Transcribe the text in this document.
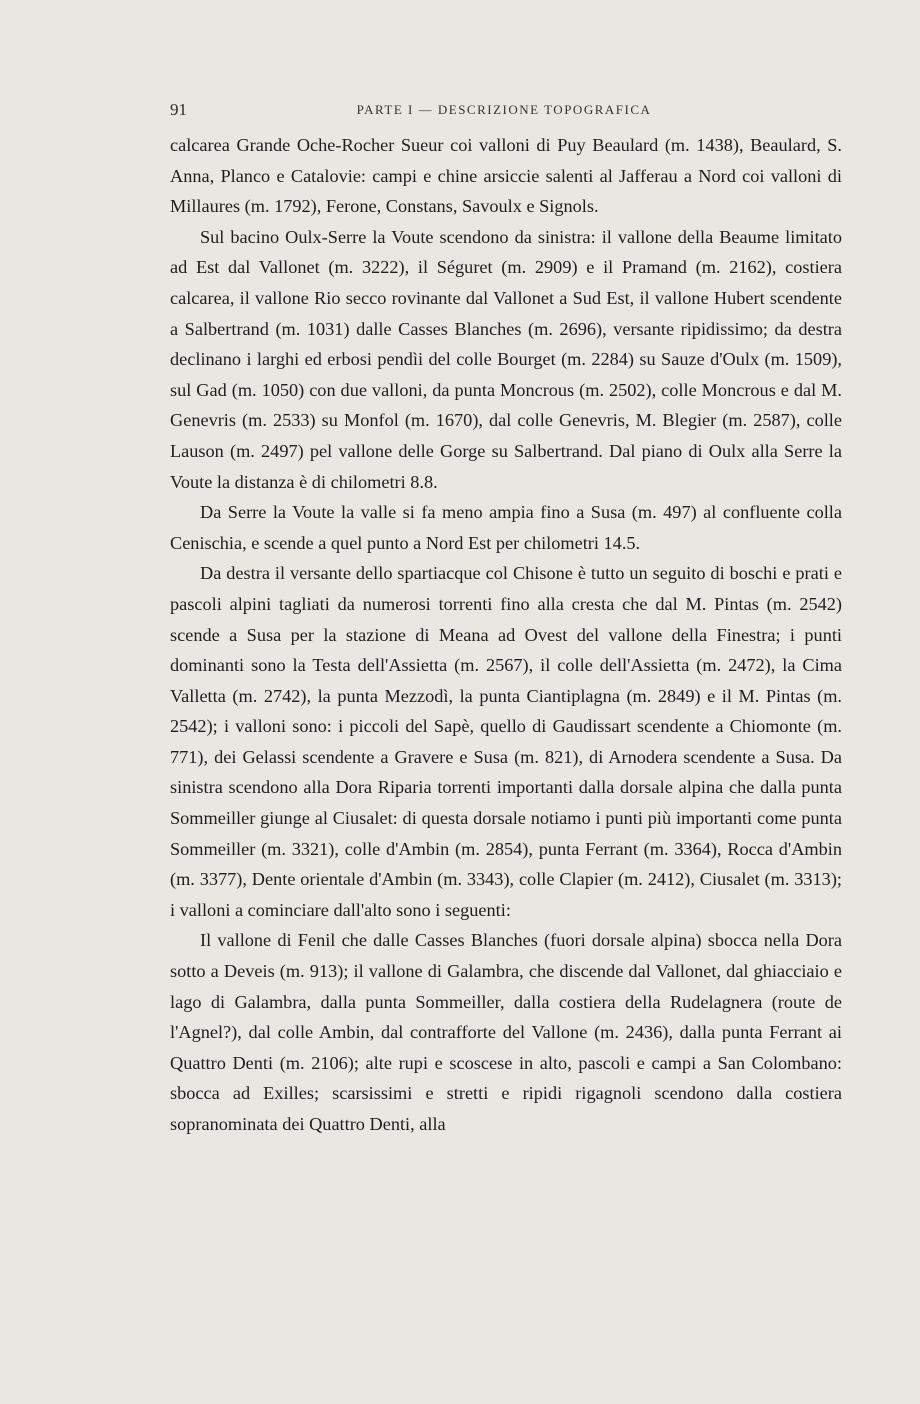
91	PARTE I — DESCRIZIONE TOPOGRAFICA

calcarea Grande Oche-Rocher Sueur coi valloni di Puy Beaulard (m. 1438), Beaulard, S. Anna, Planco e Catalovie: campi e chine arsiccie salenti al Jafferau a Nord coi valloni di Millaures (m. 1792), Ferone, Constans, Savoulx e Signols.

Sul bacino Oulx-Serre la Voute scendono da sinistra: il vallone della Beaume limitato ad Est dal Vallonet (m. 3222), il Séguret (m. 2909) e il Pramand (m. 2162), costiera calcarea, il vallone Rio secco rovinante dal Vallonet a Sud Est, il vallone Hubert scendente a Salbertrand (m. 1031) dalle Casses Blanches (m. 2696), versante ripidissimo; da destra declinano i larghi ed erbosi pendìi del colle Bourget (m. 2284) su Sauze d'Oulx (m. 1509), sul Gad (m. 1050) con due valloni, da punta Moncrous (m. 2502), colle Moncrous e dal M. Genevris (m. 2533) su Monfol (m. 1670), dal colle Genevris, M. Blegier (m. 2587), colle Lauson (m. 2497) pel vallone delle Gorge su Salbertrand. Dal piano di Oulx alla Serre la Voute la distanza è di chilometri 8.8.

Da Serre la Voute la valle si fa meno ampia fino a Susa (m. 497) al confluente colla Cenischia, e scende a quel punto a Nord Est per chilometri 14.5.

Da destra il versante dello spartiacque col Chisone è tutto un seguito di boschi e prati e pascoli alpini tagliati da numerosi torrenti fino alla cresta che dal M. Pintas (m. 2542) scende a Susa per la stazione di Meana ad Ovest del vallone della Finestra; i punti dominanti sono la Testa dell'Assietta (m. 2567), il colle dell'Assietta (m. 2472), la Cima Valletta (m. 2742), la punta Mezzodì, la punta Ciantiplagna (m. 2849) e il M. Pintas (m. 2542); i valloni sono: i piccoli del Sapè, quello di Gaudissart scendente a Chiomonte (m. 771), dei Gelassi scendente a Gravere e Susa (m. 821), di Arnodera scendente a Susa. Da sinistra scendono alla Dora Riparia torrenti importanti dalla dorsale alpina che dalla punta Sommeiller giunge al Ciusalet: di questa dorsale notiamo i punti più importanti come punta Sommeiller (m. 3321), colle d'Ambin (m. 2854), punta Ferrant (m. 3364), Rocca d'Ambin (m. 3377), Dente orientale d'Ambin (m. 3343), colle Clapier (m. 2412), Ciusalet (m. 3313); i valloni a cominciare dall'alto sono i seguenti:

Il vallone di Fenil che dalle Casses Blanches (fuori dorsale alpina) sbocca nella Dora sotto a Deveis (m. 913); il vallone di Galambra, che discende dal Vallonet, dal ghiacciaio e lago di Galambra, dalla punta Sommeiller, dalla costiera della Rudelagnera (route de l'Agnel?), dal colle Ambin, dal contrafforte del Vallone (m. 2436), dalla punta Ferrant ai Quattro Denti (m. 2106); alte rupi e scoscese in alto, pascoli e campi a San Colombano: sbocca ad Exilles; scarsissimi e stretti e ripidi rigagnoli scendono dalla costiera sopranominata dei Quattro Denti, alla
